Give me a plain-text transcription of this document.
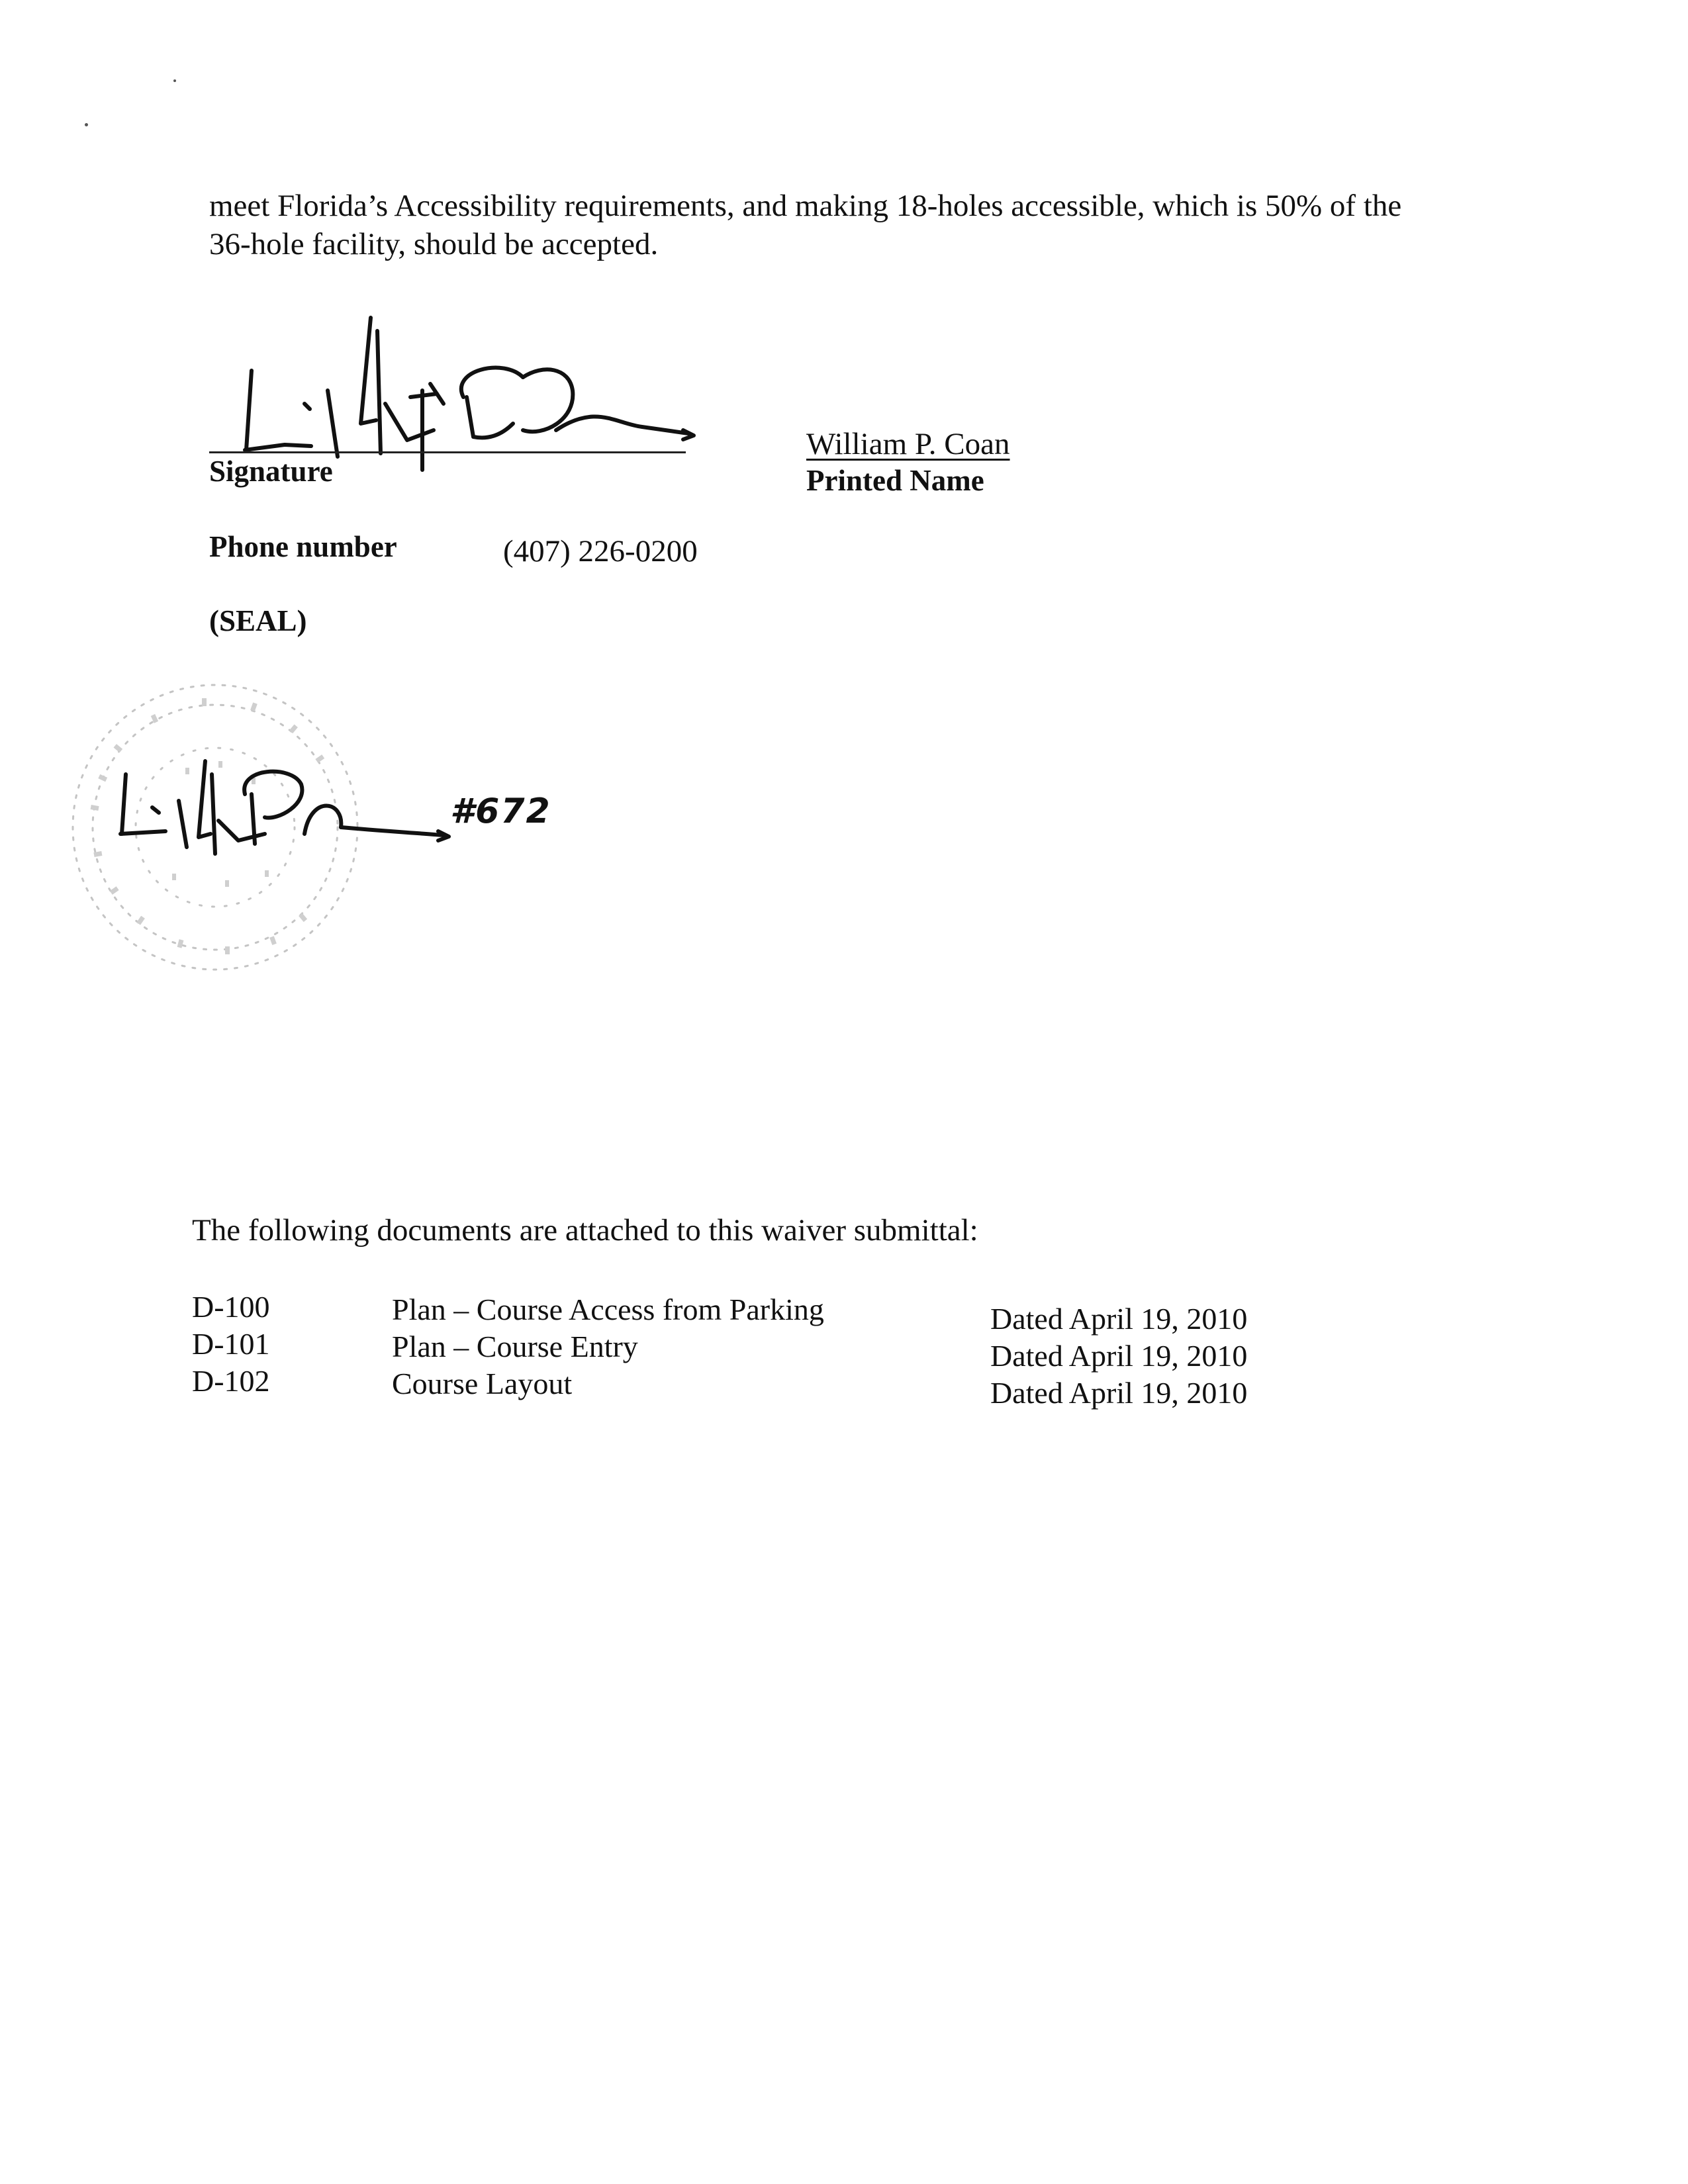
meet Florida’s Accessibility requirements, and making 18-holes accessible, which is 50% of the
36-hole facility, should be accepted.
Signature
William P. Coan
Printed Name
Phone number	(407) 226-0200
(SEAL)
#672
The following documents are attached to this waiver submittal:
D-100	Plan – Course Access from Parking	Dated April 19, 2010
D-101	Plan – Course Entry	Dated April 19, 2010
D-102	Course Layout	Dated April 19, 2010
